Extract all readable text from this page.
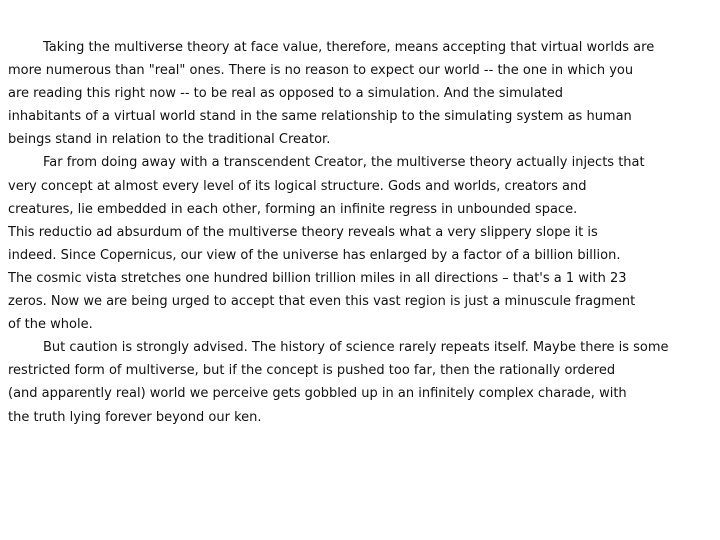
Taking the multiverse theory at face value, therefore, means accepting that virtual worlds are
more numerous than "real" ones. There is no reason to expect our world -- the one in which you
are reading this right now -- to be real as opposed to a simulation. And the simulated
inhabitants of a virtual world stand in the same relationship to the simulating system as human
beings stand in relation to the traditional Creator.
Far from doing away with a transcendent Creator, the multiverse theory actually injects that
very concept at almost every level of its logical structure. Gods and worlds, creators and
creatures, lie embedded in each other, forming an infinite regress in unbounded space.
This reductio ad absurdum of the multiverse theory reveals what a very slippery slope it is
indeed. Since Copernicus, our view of the universe has enlarged by a factor of a billion billion.
The cosmic vista stretches one hundred billion trillion miles in all directions – that's a 1 with 23
zeros. Now we are being urged to accept that even this vast region is just a minuscule fragment
of the whole.
But caution is strongly advised. The history of science rarely repeats itself. Maybe there is some
restricted form of multiverse, but if the concept is pushed too far, then the rationally ordered
(and apparently real) world we perceive gets gobbled up in an infinitely complex charade, with
the truth lying forever beyond our ken.
